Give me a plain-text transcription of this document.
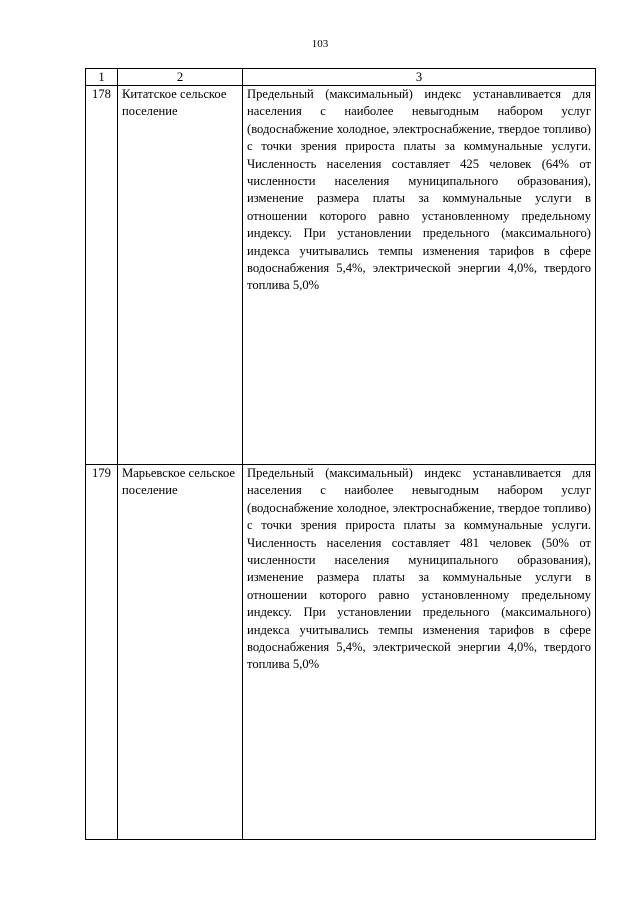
103
1	2	3
178	Китатское сельское поселение	Предельный (максимальный) индекс устанавливается для населения с наиболее невыгодным набором услуг (водоснабжение холодное, электроснабжение, твердое топливо) с точки зрения прироста платы за коммунальные услуги. Численность населения составляет 425 человек (64% от численности населения муниципального образования), изменение размера платы за коммунальные услуги в отношении которого равно установленному предельному индексу. При установлении предельного (максимального) индекса учитывались темпы изменения тарифов в сфере водоснабжения 5,4%, электрической энергии 4,0%, твердого топлива 5,0%
179	Марьевское сельское поселение	Предельный (максимальный) индекс устанавливается для населения с наиболее невыгодным набором услуг (водоснабжение холодное, электроснабжение, твердое топливо) с точки зрения прироста платы за коммунальные услуги. Численность населения составляет 481 человек (50% от численности населения муниципального образования), изменение размера платы за коммунальные услуги в отношении которого равно установленному предельному индексу. При установлении предельного (максимального) индекса учитывались темпы изменения тарифов в сфере водоснабжения 5,4%, электрической энергии 4,0%, твердого топлива 5,0%
